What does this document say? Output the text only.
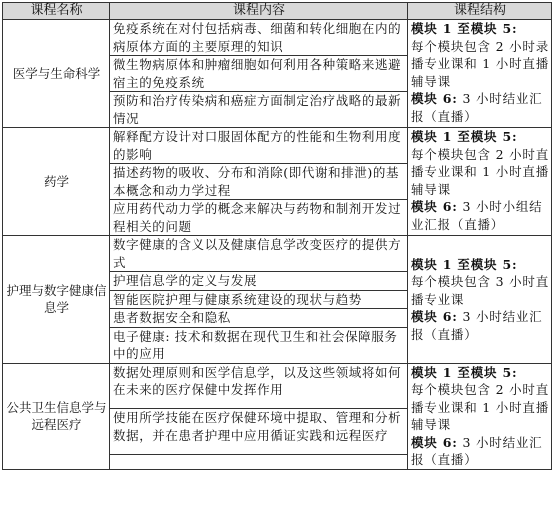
课程名称	课程内容	课程结构
医学与生命科学	免疫系统在对付包括病毒、细菌和转化细胞在内的病原体方面的主要原理的知识	模块 1 至模块 5:
每个模块包含 2 小时录播专业课和 1 小时直播辅导课
模块 6: 3 小时结业汇报（直播）
	微生物病原体和肿瘤细胞如何利用各种策略来逃避宿主的免疫系统	
	预防和治疗传染病和癌症方面制定治疗战略的最新情况	
药学	解释配方设计对口服固体配方的性能和生物利用度的影响	模块 1 至模块 5:
每个模块包含 2 小时直播专业课和 1 小时直播辅导课
模块 6: 3 小时小组结业汇报（直播）
	描述药物的吸收、分布和消除(即代谢和排泄)的基本概念和动力学过程	
	应用药代动力学的概念来解决与药物和制剂开发过程相关的问题	
护理与数字健康信息学	数字健康的含义以及健康信息学改变医疗的提供方式	模块 1 至模块 5:
每个模块包含 3 小时直播专业课
模块 6: 3 小时结业汇报（直播）
	护理信息学的定义与发展	
	智能医院护理与健康系统建设的现状与趋势	
	患者数据安全和隐私	
	电子健康: 技术和数据在现代卫生和社会保障服务中的应用	
公共卫生信息学与远程医疗	数据处理原则和医学信息学，以及这些领域将如何在未来的医疗保健中发挥作用	模块 1 至模块 5:
每个模块包含 2 小时直播专业课和 1 小时直播辅导课
模块 6: 3 小时结业汇报（直播）
	使用所学技能在医疗保健环境中提取、管理和分析数据，并在患者护理中应用循证实践和远程医疗	
